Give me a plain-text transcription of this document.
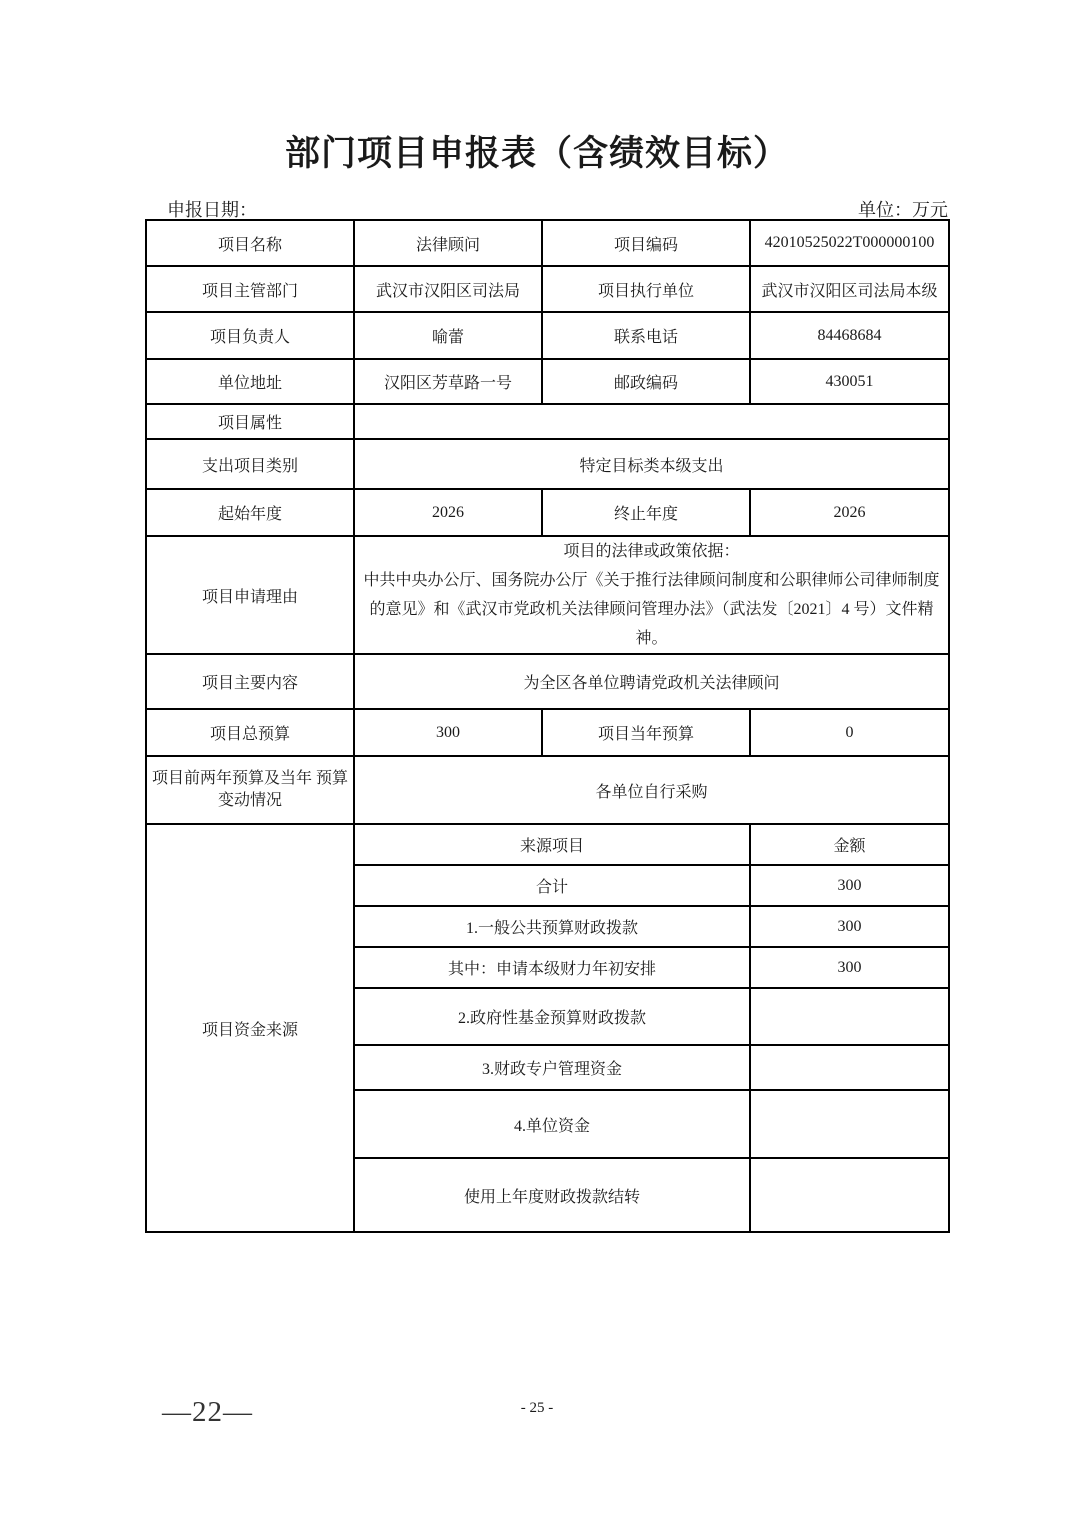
部门项目申报表（含绩效目标）
申报日期：	单位：万元
项目名称	法律顾问	项目编码	42010525022T000000100
项目主管部门	武汉市汉阳区司法局	项目执行单位	武汉市汉阳区司法局本级
项目负责人	喻蕾	联系电话	84468684
单位地址	汉阳区芳草路一号	邮政编码	430051
项目属性			
支出项目类别	特定目标类本级支出		
起始年度	2026	终止年度	2026
项目申请理由	项目的法律或政策依据：
中共中央办公厅、国务院办公厅《关于推行法律顾问制度和公职律师公司律师制度的意见》和《武汉市党政机关法律顾问管理办法》（武法发〔2021〕4 号）文件精神。		

项目主要内容	为全区各单位聘请党政机关法律顾问		
项目总预算	300	项目当年预算	0
项目前两年预算及当年 预算变动情况	各单位自行采购		
项目资金来源	来源项目		金额
	合计		300
	1.一般公共预算财政拨款		300
	其中：申请本级财力年初安排		300
	2.政府性基金预算财政拨款		
	3.财政专户管理资金		
	4.单位资金		
	使用上年度财政拨款结转		
—22—	- 25 -
